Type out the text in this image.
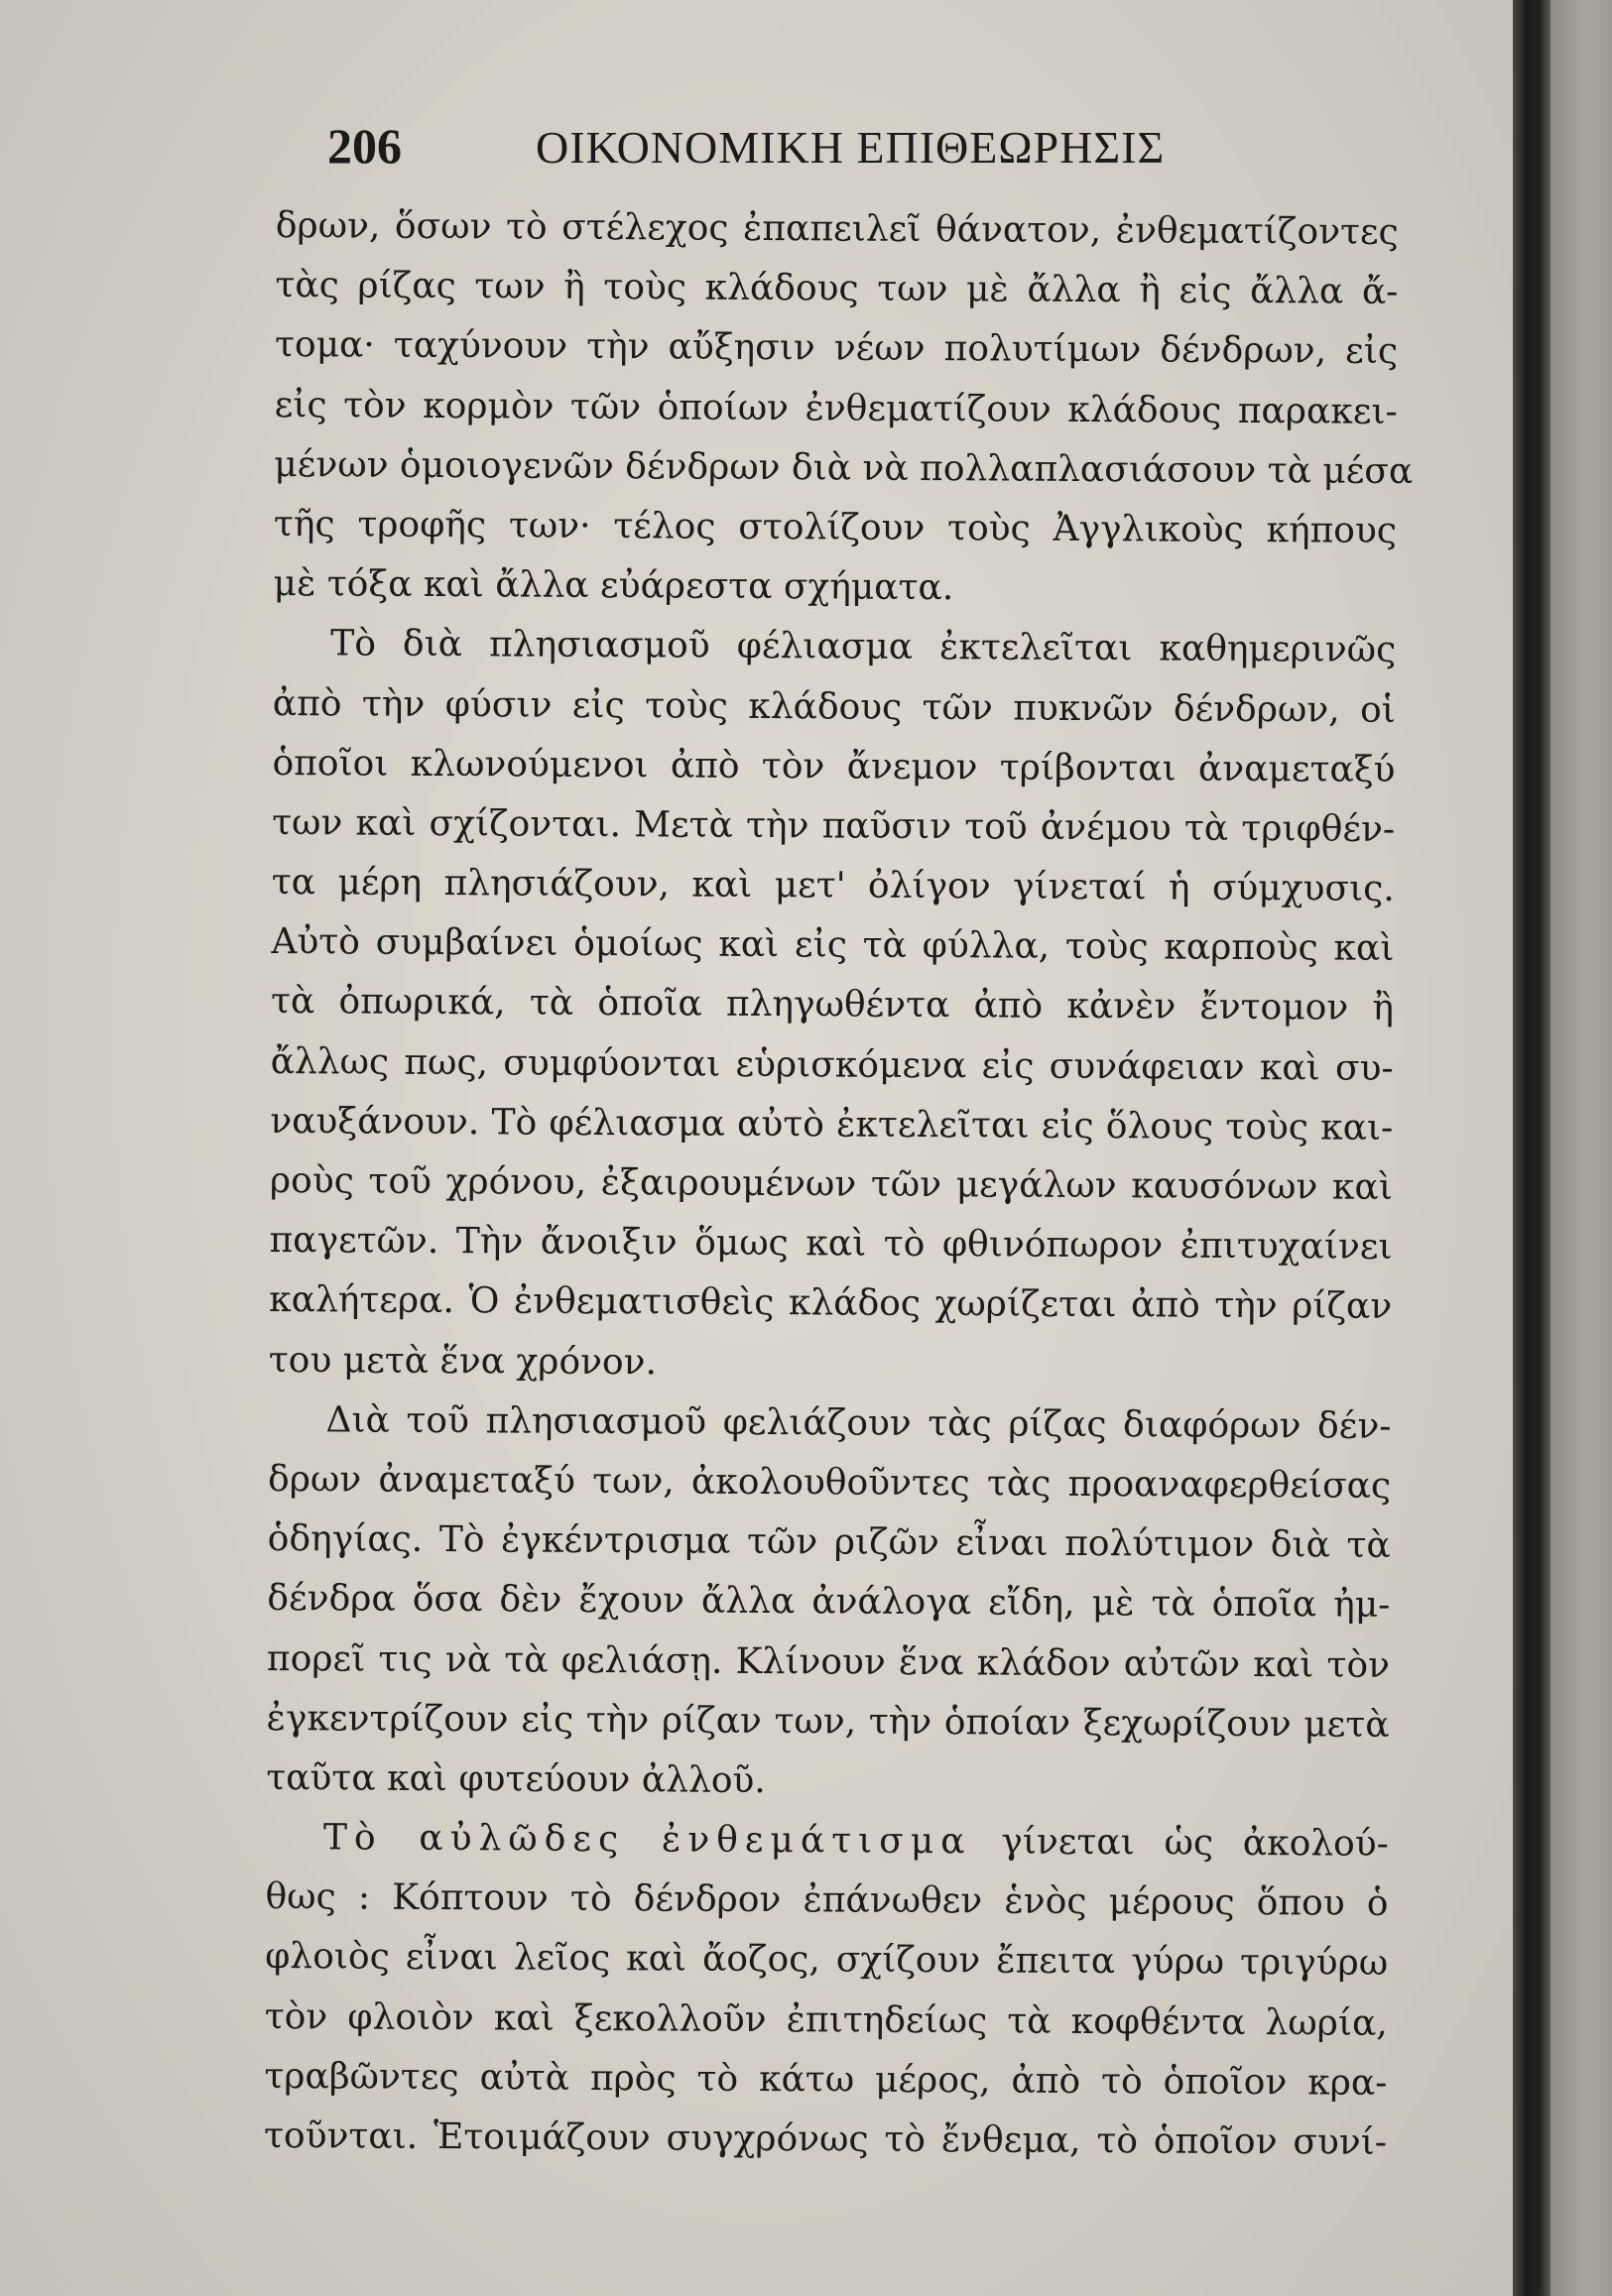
206	ΟΙΚΟΝΟΜΙΚΗ ΕΠΙΘΕΩΡΗΣΙΣ
δρων, ὅσων τὸ στέλεχος ἐπαπειλεῖ θάνατον, ἐνθεματίζοντες
τὰς ρίζας των ἢ τοὺς κλάδους των μὲ ἄλλα ἢ εἰς ἄλλα ἄ-
τομα· ταχύνουν τὴν αὔξησιν νέων πολυτίμων δένδρων, εἰς
εἰς τὸν κορμὸν τῶν ὁποίων ἐνθεματίζουν κλάδους παρακει-
μένων ὁμοιογενῶν δένδρων διὰ νὰ πολλαπλασιάσουν τὰ μέσα
τῆς τροφῆς των· τέλος στολίζουν τοὺς Ἀγγλικοὺς κήπους
μὲ τόξα καὶ ἄλλα εὐάρεστα σχήματα.
Τὸ διὰ πλησιασμοῦ φέλιασμα ἐκτελεῖται καθημερινῶς
ἀπὸ τὴν φύσιν εἰς τοὺς κλάδους τῶν πυκνῶν δένδρων, οἱ
ὁποῖοι κλωνούμενοι ἀπὸ τὸν ἄνεμον τρίβονται ἀναμεταξύ
των καὶ σχίζονται. Μετὰ τὴν παῦσιν τοῦ ἀνέμου τὰ τριφθέν-
τα μέρη πλησιάζουν, καὶ μετ' ὀλίγον γίνεταί ἡ σύμχυσις.
Αὐτὸ συμβαίνει ὁμοίως καὶ εἰς τὰ φύλλα, τοὺς καρποὺς καὶ
τὰ ὀπωρικά, τὰ ὁποῖα πληγωθέντα ἀπὸ κἀνὲν ἔντομον ἢ
ἄλλως πως, συμφύονται εὑρισκόμενα εἰς συνάφειαν καὶ συ-
ναυξάνουν. Τὸ φέλιασμα αὐτὸ ἐκτελεῖται εἰς ὅλους τοὺς και-
ροὺς τοῦ χρόνου, ἐξαιρουμένων τῶν μεγάλων καυσόνων καὶ
παγετῶν. Τὴν ἄνοιξιν ὅμως καὶ τὸ φθινόπωρον ἐπιτυχαίνει
καλήτερα. Ὁ ἐνθεματισθεὶς κλάδος χωρίζεται ἀπὸ τὴν ρίζαν
του μετὰ ἕνα χρόνον.
Διὰ τοῦ πλησιασμοῦ φελιάζουν τὰς ρίζας διαφόρων δέν-
δρων ἀναμεταξύ των, ἀκολουθοῦντες τὰς προαναφερθείσας
ὁδηγίας. Τὸ ἐγκέντρισμα τῶν ριζῶν εἶναι πολύτιμον διὰ τὰ
δένδρα ὅσα δὲν ἔχουν ἄλλα ἀνάλογα εἴδη, μὲ τὰ ὁποῖα ἠμ-
πορεῖ τις νὰ τὰ φελιάσῃ. Κλίνουν ἕνα κλάδον αὐτῶν καὶ τὸν
ἐγκεντρίζουν εἰς τὴν ρίζαν των, τὴν ὁποίαν ξεχωρίζουν μετὰ
ταῦτα καὶ φυτεύουν ἀλλοῦ.
Τὸ αὐλῶδες ἐνθεμάτισμα γίνεται ὡς ἀκολού-
θως : Κόπτουν τὸ δένδρον ἐπάνωθεν ἑνὸς μέρους ὅπου ὁ
φλοιὸς εἶναι λεῖος καὶ ἄοζος, σχίζουν ἔπειτα γύρω τριγύρω
τὸν φλοιὸν καὶ ξεκολλοῦν ἐπιτηδείως τὰ κοφθέντα λωρία,
τραβῶντες αὐτὰ πρὸς τὸ κάτω μέρος, ἀπὸ τὸ ὁποῖον κρα-
τοῦνται. Ἑτοιμάζουν συγχρόνως τὸ ἔνθεμα, τὸ ὁποῖον συνί-
